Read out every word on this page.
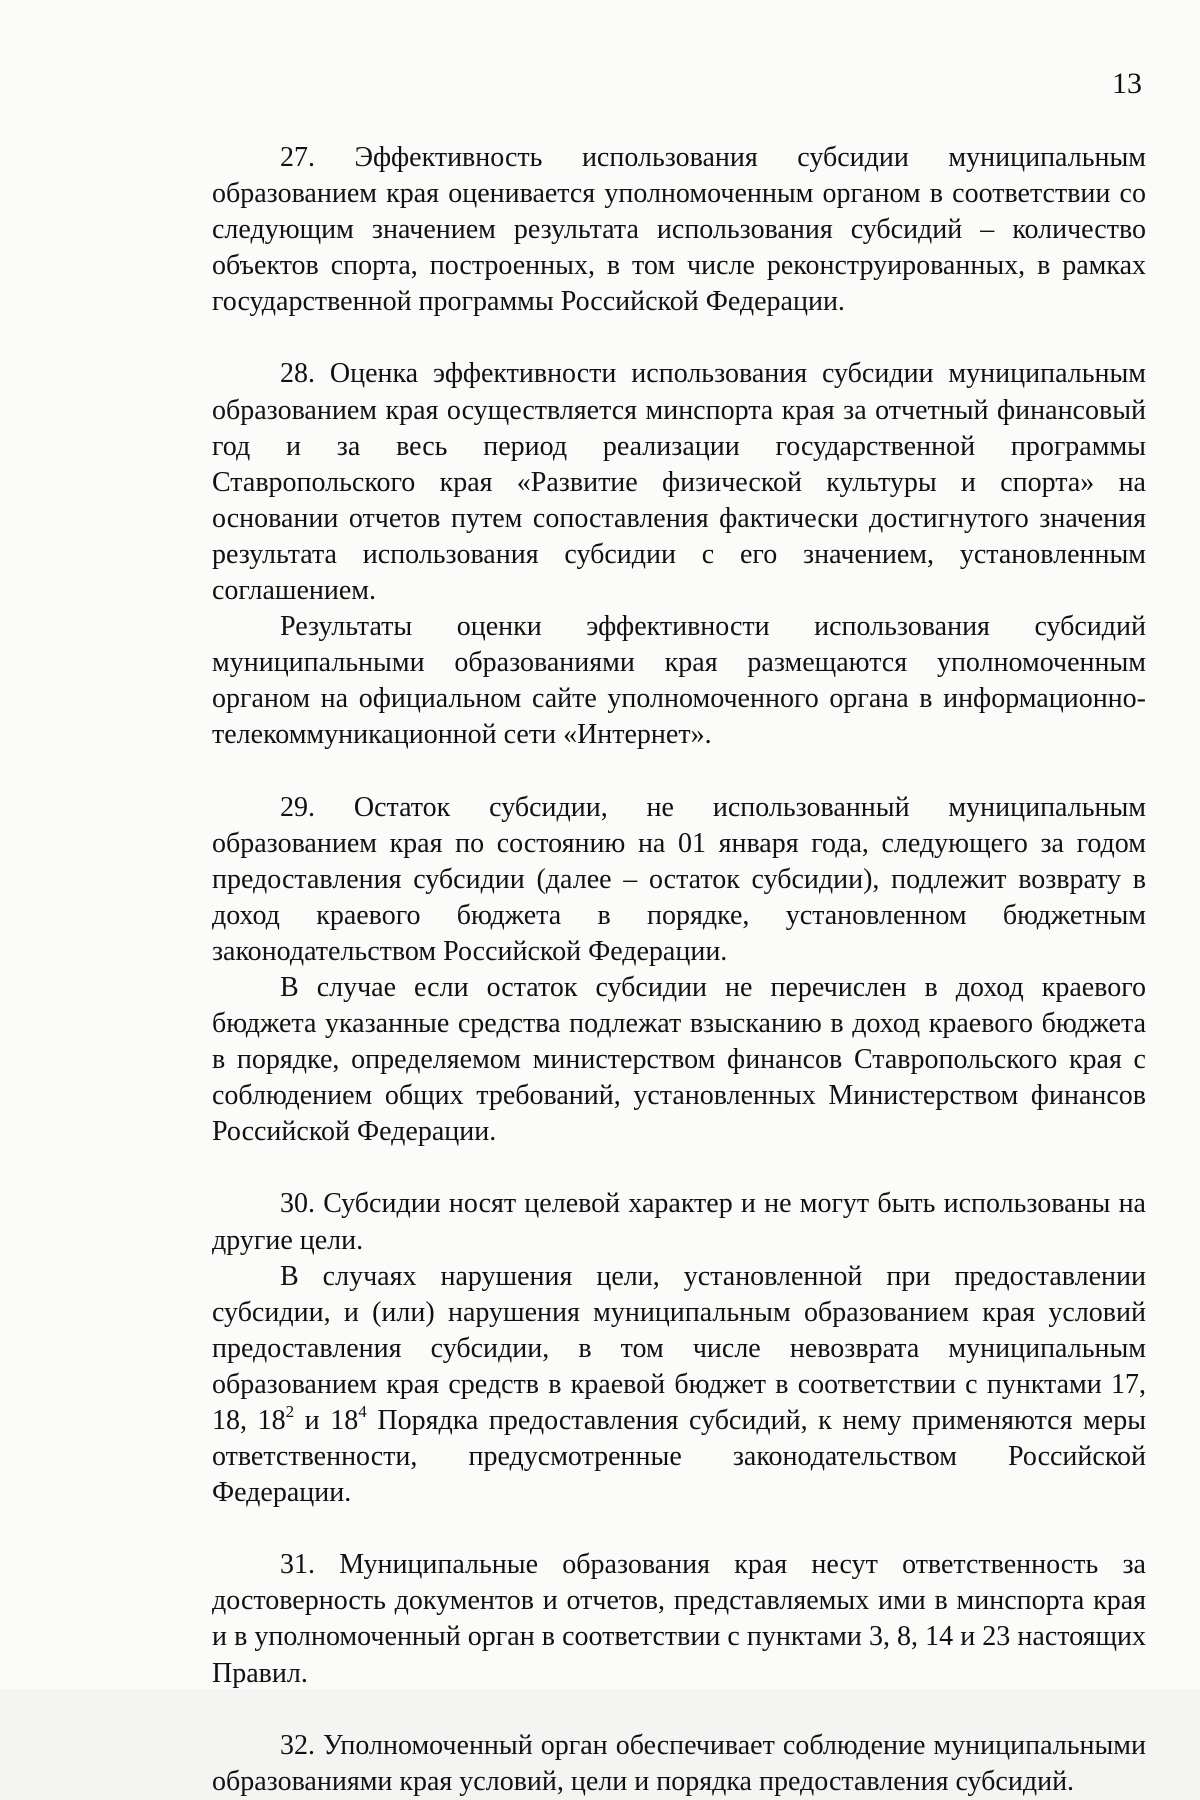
13

27. Эффективность использования субсидии муниципальным образованием края оценивается уполномоченным органом в соответствии со следующим значением результата использования субсидий – количество объектов спорта, построенных, в том числе реконструированных, в рамках государственной программы Российской Федерации.

28. Оценка эффективности использования субсидии муниципальным образованием края осуществляется минспорта края за отчетный финансовый год и за весь период реализации государственной программы Ставропольского края «Развитие физической культуры и спорта» на основании отчетов путем сопоставления фактически достигнутого значения результата использования субсидии с его значением, установленным соглашением.

Результаты оценки эффективности использования субсидий муниципальными образованиями края размещаются уполномоченным органом на официальном сайте уполномоченного органа в информационно-телекоммуникационной сети «Интернет».

29. Остаток субсидии, не использованный муниципальным образованием края по состоянию на 01 января года, следующего за годом предоставления субсидии (далее – остаток субсидии), подлежит возврату в доход краевого бюджета в порядке, установленном бюджетным законодательством Российской Федерации.

В случае если остаток субсидии не перечислен в доход краевого бюджета указанные средства подлежат взысканию в доход краевого бюджета в порядке, определяемом министерством финансов Ставропольского края с соблюдением общих требований, установленных Министерством финансов Российской Федерации.

30. Субсидии носят целевой характер и не могут быть использованы на другие цели.

В случаях нарушения цели, установленной при предоставлении субсидии, и (или) нарушения муниципальным образованием края условий предоставления субсидии, в том числе невозврата муниципальным образованием края средств в краевой бюджет в соответствии с пунктами 17, 18, $18^2$ и $18^4$ Порядка предоставления субсидий, к нему применяются меры ответственности, предусмотренные законодательством Российской Федерации.

31. Муниципальные образования края несут ответственность за достоверность документов и отчетов, представляемых ими в минспорта края и в уполномоченный орган в соответствии с пунктами 3, 8, 14 и 23 настоящих Правил.

32. Уполномоченный орган обеспечивает соблюдение муниципальными образованиями края условий, цели и порядка предоставления субсидий.
